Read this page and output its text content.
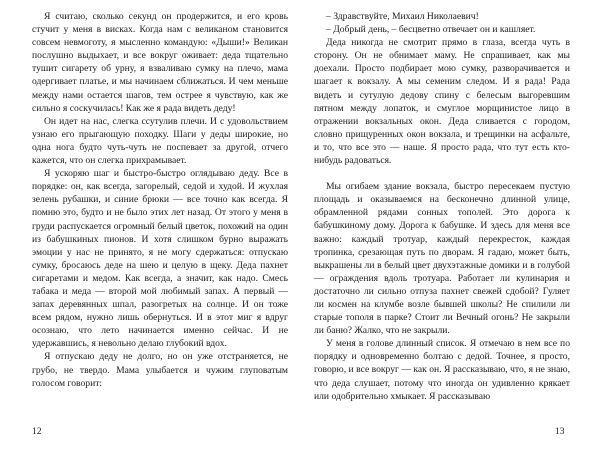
Я считаю, сколько секунд он продержится, и его кровь стучит у меня в висках. Когда нам с великаном становится совсем невмоготу, я мысленно командую: «Дыши!» Великан послушно выдыхает, и все вокруг оживает: деда тщательно тушит сигарету об урну, я взваливаю сумку на плечо, мама одергивает платье, и мы начинаем сближаться. И чем меньше между нами остается шагов, тем острее я чувствую, как же сильно я соскучилась! Как же я рада видеть деду!

Он идет на нас, слегка ссутулив плечи. И с удовольствием узнаю его прыгающую походку. Шаги у деды широкие, но одна нога будто чуть-чуть не поспевает за другой, отчего кажется, что он слегка прихрамывает.

Я ускоряю шаг и быстро-быстро оглядываю деду. Все в порядке: он, как всегда, загорелый, седой и худой. И жухлая зелень рубашки, и синие брюки — все точно как всегда. Я помню это, будто и не было этих лет назад. От этого у меня в груди распускается огромный белый цветок, похожий на один из бабушкиных пионов. И хотя слишком бурно выражать эмоции у нас не принято, я не могу сдержаться: отпускаю сумку, бросаюсь деде на шею и целую в щеку. Деда пахнет сигаретами и медом. Как всегда, а значит, как надо. Смесь табака и меда — второй мой любимый запах. А первый — запах деревянных шпал, разогретых на солнце. И он тоже всем рядом, нужно лишь обернуться. И в этот миг я вдруг осознаю, что лето начинается именно сейчас. И не удержавшись, я невольно делаю глубокий вдох.

Я отпускаю деду не долго, но он уже отстраняется, не грубо, не твердо. Мама улыбается и чужим глуповатым голосом говорит:

– Здравствуйте, Михаил Николаевич!

– Добрый день, – бесцветно отвечает он и кашляет.

Деда никогда не смотрит прямо в глаза, всегда чуть в сторону. Он не обнимает маму. Не спрашивает, как мы доехали. Просто подбирает мою сумку, разворачивается и шагает к вокзалу. А мы семеним следом. И я рада! Рада видеть и сутулую дедову спину с белесым выгоревшим пятном между лопаток, и смуглое морщинистое лицо в отражении вокзальных окон. Деда сливается с городом, словно прищуренных окон вокзала, и трещинки на асфальте, и то, что все это — наше. Я просто рада, что тут есть кто-нибудь радоваться.

Мы огибаем здание вокзала, быстро пересекаем пустую площадь и оказываемся на бесконечно длинной улице, обрамленной рядами сонных тополей. Это дорога к бабушкиному дому. Дорога к бабушке. И здесь для меня все важно: каждый тротуар, каждый перекресток, каждая тропинка, срезающая путь по дворам. Я гадаю, может быть, выкрашены ли в белый цвет двухэтажные домики и в голубой — ограждения вдоль тротуара. Работает ли кулинария и достаточно ли сильно отпуза пахнет свежей сдобой? Гуляет ли космен на клумбе возле бывшей школы? Не спилили ли старые тополя в парке? Стоит ли Вечный огонь? Не закрыли ли баню? Жалко, что не закрыли.

У меня в голове длинный список. Я отмечаю в нем все по порядку и одновременно болтаю с дедой. Точнее, я просто, говорю, и все вокруг — как он. Я рассказываю, что, я не знаю, что деда слушает, потому что иногда он удивленно крякает или одобрительно хмыкает. Я рассказываю

12	13
